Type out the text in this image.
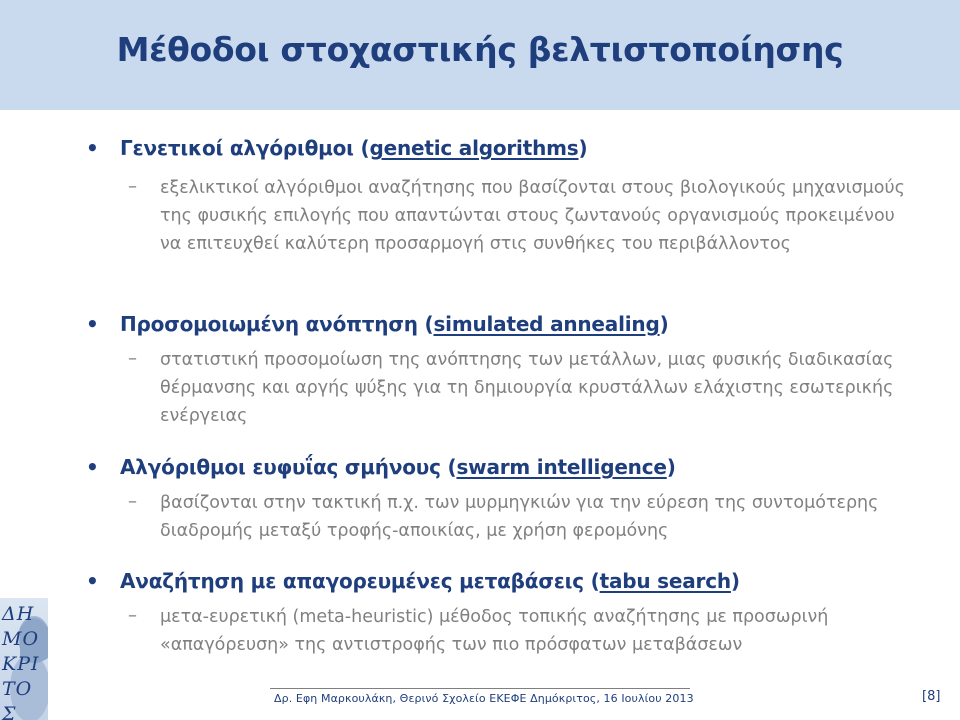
Μέθοδοι στοχαστικής βελτιστοποίησης
• Γενετικοί αλγόριθμοι (genetic algorithms)
– εξελικτικοί αλγόριθμοι αναζήτησης που βασίζονται στους βιολογικούς μηχανισμούς της φυσικής επιλογής που απαντώνται στους ζωντανούς οργανισμούς προκειμένου να επιτευχθεί καλύτερη προσαρμογή στις συνθήκες του περιβάλλοντος
• Προσομοιωμένη ανόπτηση (simulated annealing)
– στατιστική προσομοίωση της ανόπτησης των μετάλλων, μιας φυσικής διαδικασίας θέρμανσης και αργής ψύξης για τη δημιουργία κρυστάλλων ελάχιστης εσωτερικής ενέργειας
• Αλγόριθμοι ευφυΐας σμήνους (swarm intelligence)
– βασίζονται στην τακτική π.χ. των μυρμηγκιών για την εύρεση της συντομότερης διαδρομής μεταξύ τροφής-αποικίας, με χρήση φερομόνης
• Αναζήτηση με απαγορευμένες μεταβάσεις (tabu search)
– μετα-ευρετική (meta-heuristic) μέθοδος τοπικής αναζήτησης με προσωρινή «απαγόρευση» της αντιστροφής των πιο πρόσφατων μεταβάσεων
ΔΗ ΜΟ ΚΡΙ ΤΟΣ
Δρ. Εφη Μαρκουλάκη, Θερινό Σχολείο ΕΚΕΦΕ Δημόκριτος, 16 Ιουλίου 2013	[8]
